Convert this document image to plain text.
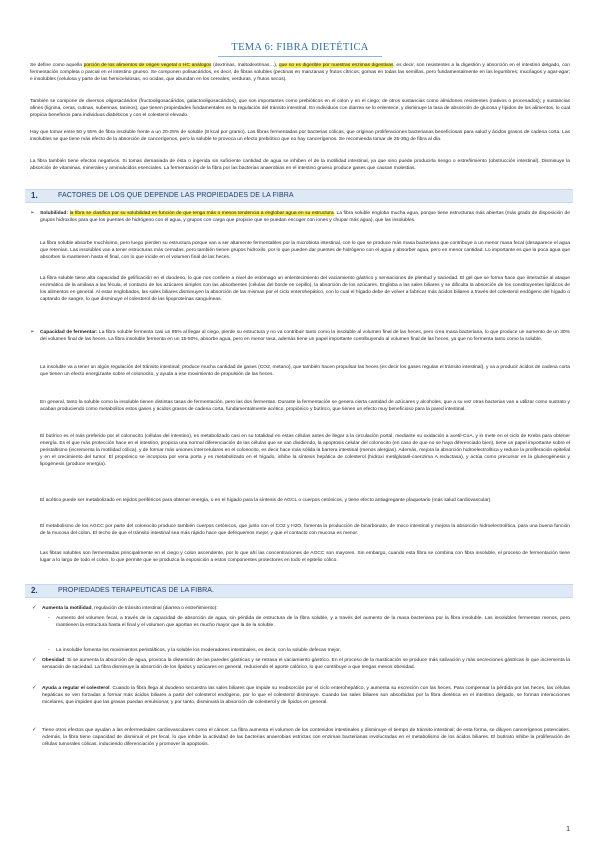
TEMA 6: FIBRA DIETÉTICA

Se define como aquella porción de los alimentos de origen vegetal o HC análogos (dextrinas, maltodextrinas…), que no es digerible por nuestras enzimas digestivas, es decir, son resistentes a la digestión y absorción en el intestino delgado, con fermentación completa o parcial en el intestino grueso. Se componen polisacáridos, es decir, de fibras solubles (pectinas en manzanas y frutos cítricos; gomas en todas las semillas, pero fundamentalmente en las legumbres; mucílagos y agar-agar; e insolubles (celulosa y parte de las hemicelulosas, no ocidas, que abundan en los cereales, verduras, y frutos secos).

También se compone de diversos oligosacáridos (fructooligosacáridos, galactooligosacáridos), que son importantes como prebióticos en el colon y en el ciego; de otros sustancias como almidones resistentes (nativos o procesados); y sustancias afines (lignina, ceras, cutinas, suberinas, taninos), que tienen propiedades fundamentales en la regulación del tránsito intestinal. En individuos con diarrea se lo enlentece, y disminuye la tasa de absorción de glucosa y lípidos de los alimentos, lo cual propicia beneficios para individuos diabéticos y con el colesterol elevado.

Hay que tomar entre 50 y 55% de fibra insoluble frente a un 20-25% de soluble (8 kcal por gramo). Las fibras fermentadas por bacterias cólicas, que originan proliferaciones bacterianas beneficiosas para salud y ácidos grasos de cadena corta. Las insolubles se que tiene más efecto de la absorción de cancerígenos, pero la soluble te provoca un efecto prebiótico que no hay cancerígenos. Se recomienda tomar de 25-30g de fibra al día.

La fibra también tiene efectos negativos. Si tomas demasiada de ésta o ingerida sin suficiente cantidad de agua se inhiben el de la motilidad intestinal, ya que sino puede producirla riesgo o estreñimiento (obstrucción intestinal). Disminuye la absorción de vitaminas, minerales y aminoácidos esenciales. La fermentación de la fibra por las bacterias anaerobias en el intestino grueso produce gases que causan molestias.

1.	FACTORES DE LOS QUE DEPENDE LAS PROPIEDADES DE LA FIBRA
➢ Solubilidad: la fibra se clasifica por su solubilidad en función de que tenga más o menos tendencia a englobar agua en su estructura. La fibra soluble engloba mucha agua, porque tiene estructuras más abiertas (más grado de disposición de grupos hidroxilos para que los puentes de hidrógeno con el agua, y grupos con carga que propicie que se puedan encoger con iones y chupar más agua), que las insolubles.

La fibra soluble absorbe muchísimo, pero luego pierden su estructura porque van a ser altamente fermentables por la microbiota intestinal, con lo que se produce más masa bacteriana que contribuye a un menor masa fecal (desaparece el agua que retenían. Las insolubles van a tener estructuras más cerradas, pero también tienen grupos hidroxilo, por lo que pueden dar puentes de hidrógeno con el agua y absorber agua, pero en menor cantidad. Lo importante es que la poca agua que absorben la mantienen hasta el final, con lo que incide en el volumen final de las heces.

La fibra soluble tiene alta capacidad de gelificación en el duodeno, lo que nos confiere a nivel de estómago un enlentecimiento del vaciamiento gástrico y sensaciones de plenitud y saciedad. El gel que se forma hace que interactúe al ataque enzimático de la amilasa a las fécula, el contacto de los azúcares simples con las absorbentes (células del borde en cepillo), la absorción de los azúcares. Engloba a las sales biliares y se dificulta la absorción de los constituyentes lipídicos de los alimentos en general. Al estar englobados, las sales biliares disminuyen la absorción de las mismas por el ciclo enterohepático, con lo cual el hígado debe de volver a fabricar más ácidos biliares a través del colesterol endógeno del hígado o captando de sangre, lo que disminuye el colesterol de las lipoproteínas sanguíneas.

➢ Capacidad de fermentar: La fibra soluble fermenta casi un 95% al llegar al ciego, pierde su estructura y no va contribuir tanto como la insoluble al volumen final de las heces, pero crea masa bacteriana, lo que produce un aumento de un 30% del volumen final de las heces. La fibra insoluble fermenta en un 15-50%, absorbe agua, pero en menor tasa, además tiene un papel importante contribuyendo al volumen final de las heces, ya que no fermenta tanto como la soluble.

La insoluble va a tener un algún regulación del tránsito intestinal; produce mucha cantidad de gases (CO2, metano), que también hacen propulsar las heces (es decir los gases regulan el tránsito intestinal), y va a producir ácidos de cadena corta que tienen un efecto energizante sobre el colonocito, y ayuda a ese movimiento de propulsión de las heces.

En general, tanto la soluble como la insoluble tienen distintas tasas de fermentación, pero las dos fermentan. Durante la fermentación se genera cierta cantidad de azúcares y alcoholes, que a su vez otras bacterias van a utilizar como sustrato y acaban produciendo como metabolitos estos gases y ácidos grasos de cadena corta, fundamentalmente acético, propiónico y butírico, que tienen un efecto muy beneficioso para la pared intestinal.

El butírico es el más preferido por el colonocito (células del intestino), es metabolizado casi en su totalidad en estas células antes de llegar a la circulación portal, mediante su oxidación a acetil-CoA, y lo mete en el ciclo de Krebs para obtener energía. Es el que más protección hace en el intestino, propicia una normal diferenciación de las células que se van dividiendo, la apoptosis celular del colonocito (en caso de que no se haya diferenciado bien), tiene un papel importante sobre el peristaltismo (incrementa la motilidad cólica), y de formar más uniones intercelulares en el colonocito, es decir hace más sólida la barrera intestinal (menos alergias). Además, mejora la absorción hidroelectrolítica y reduce la proliferación epitelial y en el crecimiento del tumor. El propiónico se incorpora por vena porta y es metabolizado en el hígado, inhibe la síntesis hepática de colesterol (hidroxi metilglutaril-coenzima A reductasa), y actúa como precursor en la gluneogénesis y lipogénesis (produce energía).

El acético puede ser metabolizado en tejidos periféricos para obtener energía, o en el hígado para la síntesis de AGCL o cuerpos cetónicos, y tiene efecto antiagregante plaquetario (más salud cardiovascular).

El metabolismo de los AGCC por parte del colonocito produce también cuerpos cetónicos, que junto con el CO2 y H2O, fomenta la producción de bicarbonato, de moco intestinal y mejora la absorción hidroelectrolítica, para una buena función de la mucosa del colon. El techo de que el tránsito intestinal sea más rápido hace que defequemos mejor, y que el contacto con mucosa es menor.

Las fibras solubles son fermentadas principalmente en el ciego y colon ascendente, por lo que ahí las concentraciones de AGCC son mayores. Sin embargo, cuando esta fibra se combina con fibra insoluble, el proceso de fermentación tiene lugar a lo largo de todo el colon, lo que permite que se produzca la exposición a estos componentes protectores en todo el epitelio cólico.

2.	PROPIEDADES TERAPEUTICAS DE LA FIBRA.
✓ Aumenta la motilidad, regulación de tránsito intestinal (diarrea o estreñimiento):

- Aumento del volumen fecal, a través de la capacidad de absorción de agua, sin pérdida de estructura de la fibra soluble, y a través del aumento de la masa bacteriana por la fibra insoluble. Las insolubles fermentan menos, pero mantienen la estructura hasta el final y el volumen que aportan es mucho mayor que la de la soluble.

- La insoluble fomenta los movimientos peristálticos, y la soluble los moderadores intestinales, es decir, con la soluble defecas mejor.

✓ Obesidad: Si se aumenta la absorción de agua, provoca la distensión de las paredes gástricas y se retrasa el vaciamiento gástrico. En el proceso de la masticación se produce más salivación y más secreciones gástricas lo que incrementa la sensación de saciedad. La fibra disminuye la absorción de los lípidos y azúcares en general, reduciendo el aporte calórico, lo que contribuye a que tengas menos obesidad.

✓ Ayuda a regular el colesterol. Cuando la fibra llega al duodeno secuestra las sales biliares que impide su reabsorción por el ciclo enterohepático, y aumenta su excreción con las heces. Para compensar la pérdida por las heces, las células hepáticas se ven forzadas a formar más ácidos biliares a partir del colesterol endógeno, por lo que el colesterol disminuye. Cuando las sales biliares son absorbidas por la fibra dietética en el intestino delgado, se forman interacciones micelares, que impiden que las grasas puedan emulsionar, y por tanto, disminuirá la absorción de colesterol y de lípidos en general.

✓ Tiene otros efectos que ayudan a las enfermedades cardiovasculares como el cáncer. La fibra aumenta el volumen de los contenidos intestinales y disminuye el tiempo de tránsito intestinal; de esta forma, se diluyen cancerígenos potenciales. Además, la fibra tiene capacidad de disminuir el pH fecal, lo que inhibe la actividad de las bacterias anaerobias estrictas con enzimas bacterianas involucradas en el metabolismo de los ácidos biliares. El butírato inhibe la proliferación de células tumorales cólicas, induciendo diferenciación y promover la apoptosis.

1
